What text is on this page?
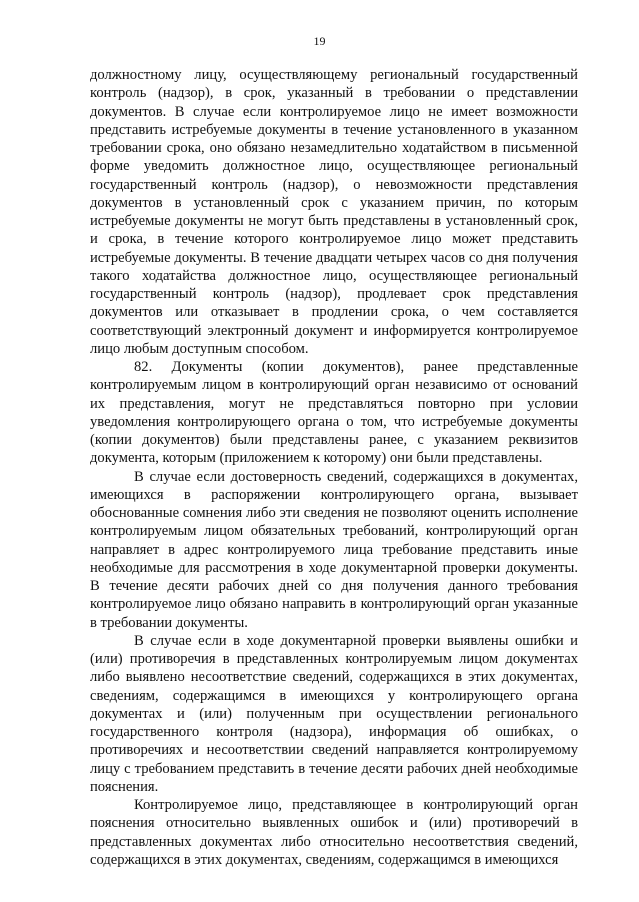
19

должностному лицу, осуществляющему региональный государственный контроль (надзор), в срок, указанный в требовании о представлении документов. В случае если контролируемое лицо не имеет возможности представить истребуемые документы в течение установленного в указанном требовании срока, оно обязано незамедлительно ходатайством в письменной форме уведомить должностное лицо, осуществляющее региональный государственный контроль (надзор), о невозможности представления документов в установленный срок с указанием причин, по которым истребуемые документы не могут быть представлены в установленный срок, и срока, в течение которого контролируемое лицо может представить истребуемые документы. В течение двадцати четырех часов со дня получения такого ходатайства должностное лицо, осуществляющее региональный государственный контроль (надзор), продлевает срок представления документов или отказывает в продлении срока, о чем составляется соответствующий электронный документ и информируется контролируемое лицо любым доступным способом.

82. Документы (копии документов), ранее представленные контролируемым лицом в контролирующий орган независимо от оснований их представления, могут не представляться повторно при условии уведомления контролирующего органа о том, что истребуемые документы (копии документов) были представлены ранее, с указанием реквизитов документа, которым (приложением к которому) они были представлены.

В случае если достоверность сведений, содержащихся в документах, имеющихся в распоряжении контролирующего органа, вызывает обоснованные сомнения либо эти сведения не позволяют оценить исполнение контролируемым лицом обязательных требований, контролирующий орган направляет в адрес контролируемого лица требование представить иные необходимые для рассмотрения в ходе документарной проверки документы. В течение десяти рабочих дней со дня получения данного требования контролируемое лицо обязано направить в контролирующий орган указанные в требовании документы.

В случае если в ходе документарной проверки выявлены ошибки и (или) противоречия в представленных контролируемым лицом документах либо выявлено несоответствие сведений, содержащихся в этих документах, сведениям, содержащимся в имеющихся у контролирующего органа документах и (или) полученным при осуществлении регионального государственного контроля (надзора), информация об ошибках, о противоречиях и несоответствии сведений направляется контролируемому лицу с требованием представить в течение десяти рабочих дней необходимые пояснения.

Контролируемое лицо, представляющее в контролирующий орган пояснения относительно выявленных ошибок и (или) противоречий в представленных документах либо относительно несоответствия сведений, содержащихся в этих документах, сведениям, содержащимся в имеющихся
